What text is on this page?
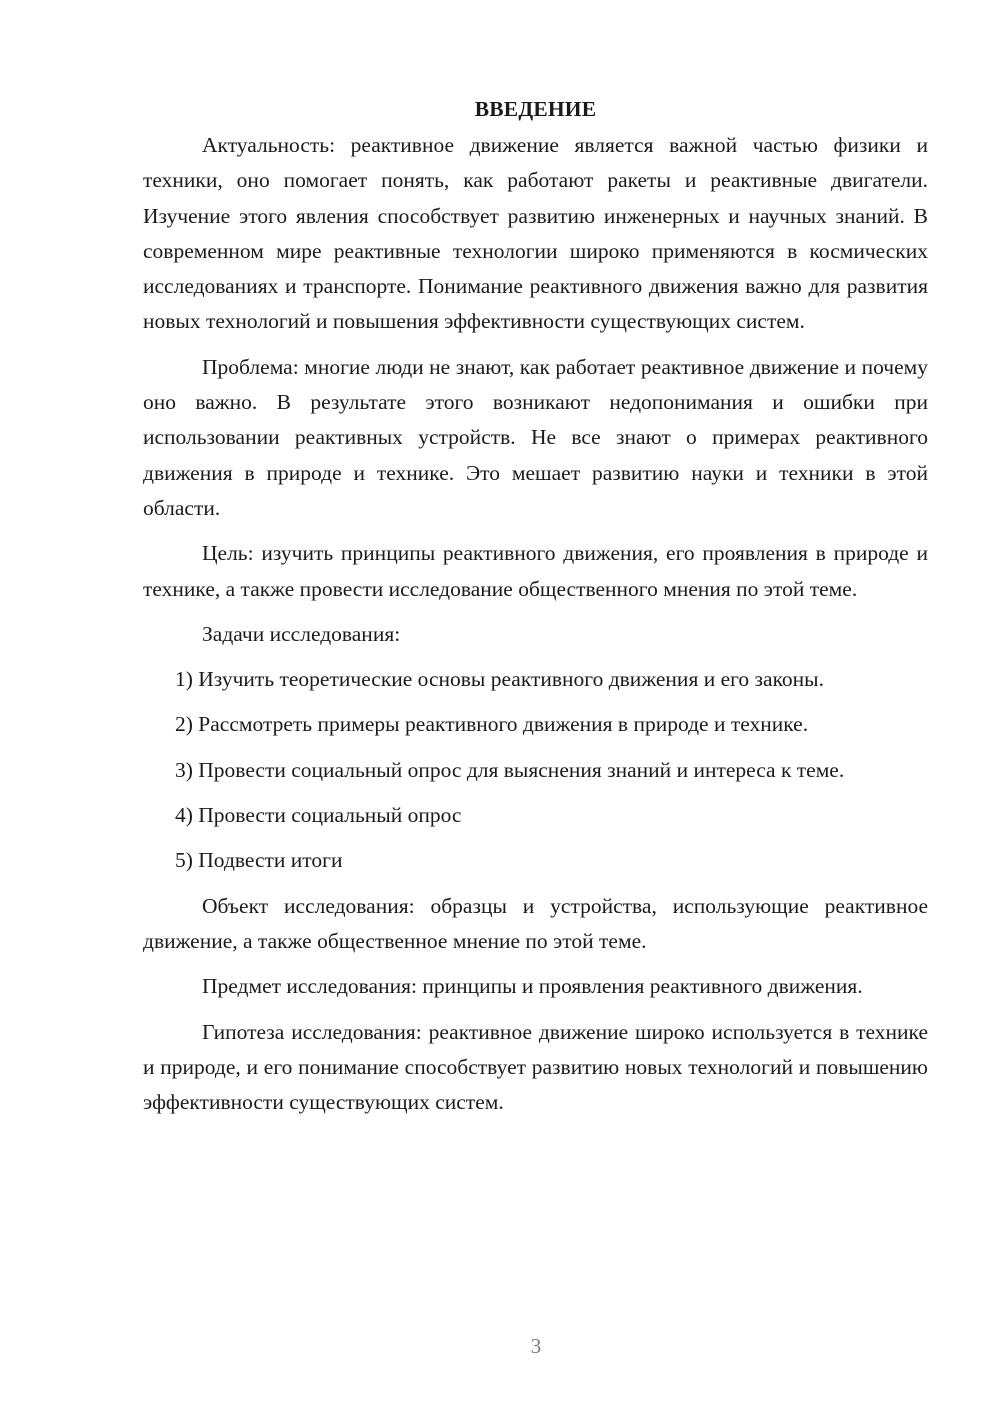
ВВЕДЕНИЕ

Актуальность: реактивное движение является важной частью физики и техники, оно помогает понять, как работают ракеты и реактивные двигатели. Изучение этого явления способствует развитию инженерных и научных знаний. В современном мире реактивные технологии широко применяются в космических исследованиях и транспорте. Понимание реактивного движения важно для развития новых технологий и повышения эффективности существующих систем.

Проблема: многие люди не знают, как работает реактивное движение и почему оно важно. В результате этого возникают недопонимания и ошибки при использовании реактивных устройств. Не все знают о примерах реактивного движения в природе и технике. Это мешает развитию науки и техники в этой области.

Цель: изучить принципы реактивного движения, его проявления в природе и технике, а также провести исследование общественного мнения по этой теме.

Задачи исследования:

1) Изучить теоретические основы реактивного движения и его законы.

2) Рассмотреть примеры реактивного движения в природе и технике.

3) Провести социальный опрос для выяснения знаний и интереса к теме.

4) Провести социальный опрос

5) Подвести итоги

Объект исследования: образцы и устройства, использующие реактивное движение, а также общественное мнение по этой теме.

Предмет исследования: принципы и проявления реактивного движения.

Гипотеза исследования: реактивное движение широко используется в технике и природе, и его понимание способствует развитию новых технологий и повышению эффективности существующих систем.

3
